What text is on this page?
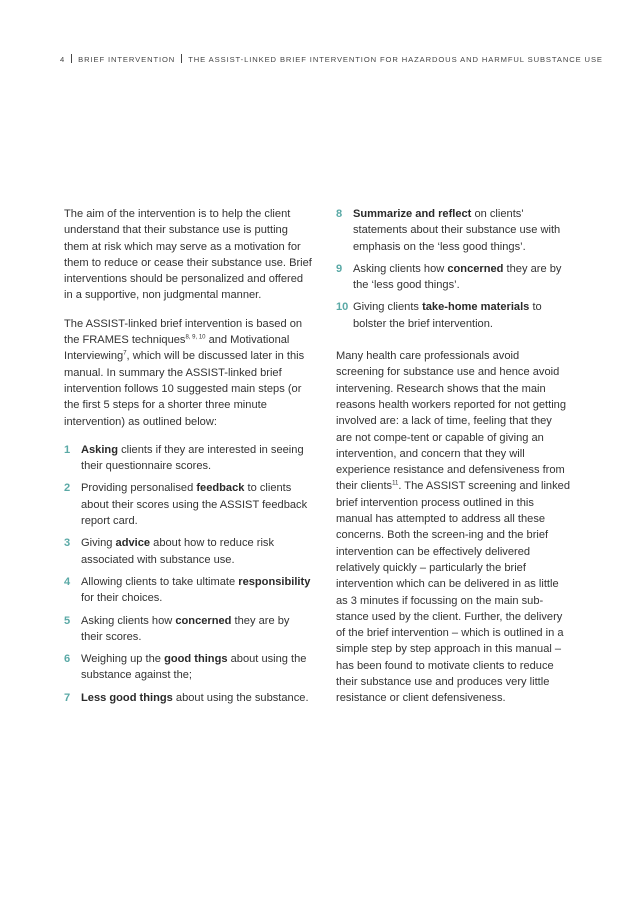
4 BRIEF INTERVENTION THE ASSIST-LINKED BRIEF INTERVENTION FOR HAZARDOUS AND HARMFUL SUBSTANCE USE

The aim of the intervention is to help the client understand that their substance use is putting them at risk which may serve as a motivation for them to reduce or cease their substance use. Brief interventions should be personalized and offered in a supportive, non judgmental manner.

The ASSIST-linked brief intervention is based on the FRAMES techniques$^{8, 9, 10}$ and Motivational Interviewing$^7$, which will be discussed later in this manual. In summary the ASSIST-linked brief intervention follows 10 suggested main steps (or the first 5 steps for a shorter three minute intervention) as outlined below:

1 Asking clients if they are interested in seeing their questionnaire scores.
2 Providing personalised feedback to clients about their scores using the ASSIST feedback report card.
3 Giving advice about how to reduce risk associated with substance use.
4 Allowing clients to take ultimate responsibility for their choices.
5 Asking clients how concerned they are by their scores.
6 Weighing up the good things about using the substance against the;
7 Less good things about using the substance.
8 Summarize and reflect on clients' statements about their substance use with emphasis on the ‘less good things’.
9 Asking clients how concerned they are by the ‘less good things’.
10 Giving clients take-home materials to bolster the brief intervention.

Many health care professionals avoid screening for substance use and hence avoid intervening. Research shows that the main reasons health workers reported for not getting involved are: a lack of time, feeling that they are not compe-tent or capable of giving an intervention, and concern that they will experience resistance and defensiveness from their clients$^{11}$. The ASSIST screening and linked brief intervention process outlined in this manual has attempted to address all these concerns. Both the screen-ing and the brief intervention can be effectively delivered relatively quickly – particularly the brief intervention which can be delivered in as little as 3 minutes if focussing on the main sub-stance used by the client. Further, the delivery of the brief intervention – which is outlined in a simple step by step approach in this manual – has been found to motivate clients to reduce their substance use and produces very little resistance or client defensiveness.
